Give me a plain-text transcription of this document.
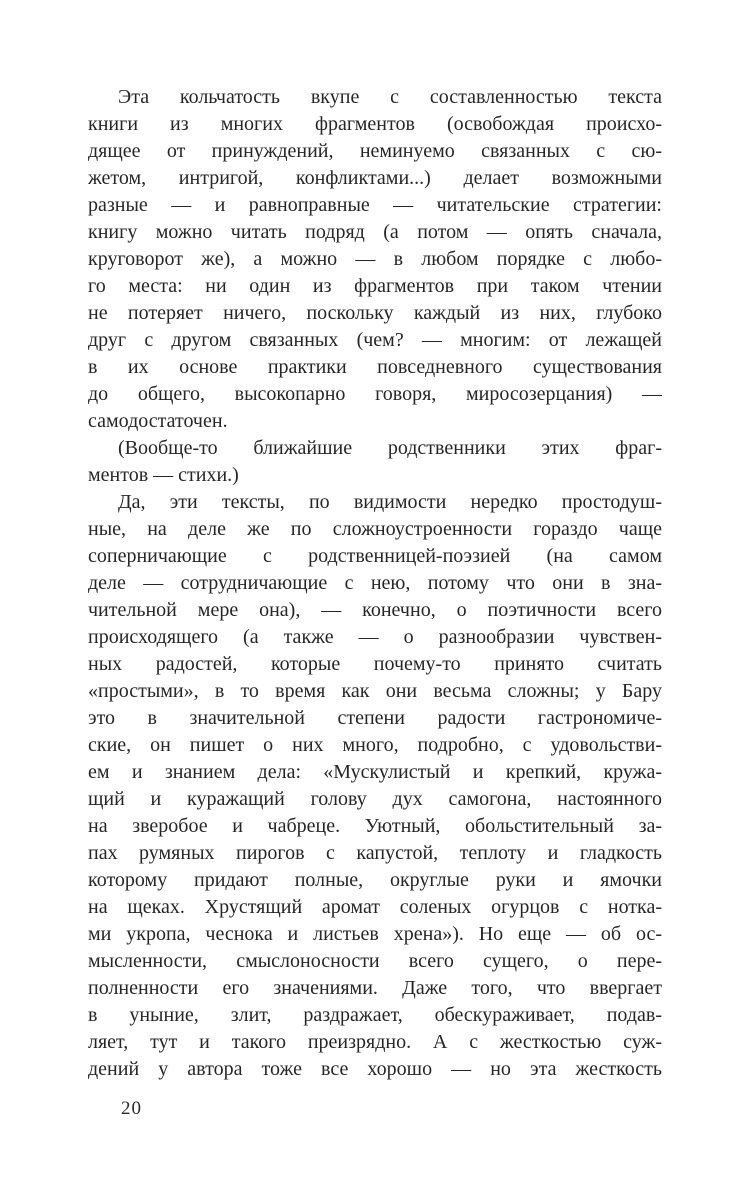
Эта кольчатость вкупе с составленностью текста
книги из многих фрагментов (освобождая происхо-
дящее от принуждений, неминуемо связанных с сю-
жетом, интригой, конфликтами...) делает возможными
разные — и равноправные — читательские стратегии:
книгу можно читать подряд (а потом — опять сначала,
круговорот же), а можно — в любом порядке с любо-
го места: ни один из фрагментов при таком чтении
не потеряет ничего, поскольку каждый из них, глубоко
друг с другом связанных (чем? — многим: от лежащей
в их основе практики повседневного существования
до общего, высокопарно говоря, миросозерцания) —
самодостаточен.
(Вообще-то ближайшие родственники этих фраг-
ментов — стихи.)
Да, эти тексты, по видимости нередко простодуш-
ные, на деле же по сложноустроенности гораздо чаще
соперничающие с родственницей-поэзией (на самом
деле — сотрудничающие с нею, потому что они в зна-
чительной мере она), — конечно, о поэтичности всего
происходящего (а также — о разнообразии чувствен-
ных радостей, которые почему-то принято считать
«простыми», в то время как они весьма сложны; у Бару
это в значительной степени радости гастрономиче-
ские, он пишет о них много, подробно, с удовольстви-
ем и знанием дела: «Мускулистый и крепкий, кружа-
щий и куражащий голову дух самогона, настоянного
на зверобое и чабреце. Уютный, обольстительный за-
пах румяных пирогов с капустой, теплоту и гладкость
которому придают полные, округлые руки и ямочки
на щеках. Хрустящий аромат соленых огурцов с нотка-
ми укропа, чеснока и листьев хрена»). Но еще — об ос-
мысленности, смыслоносности всего сущего, о пере-
полненности его значениями. Даже того, что ввергает
в уныние, злит, раздражает, обескураживает, подав-
ляет, тут и такого преизрядно. А с жесткостью суж-
дений у автора тоже все хорошо — но эта жесткость
20
